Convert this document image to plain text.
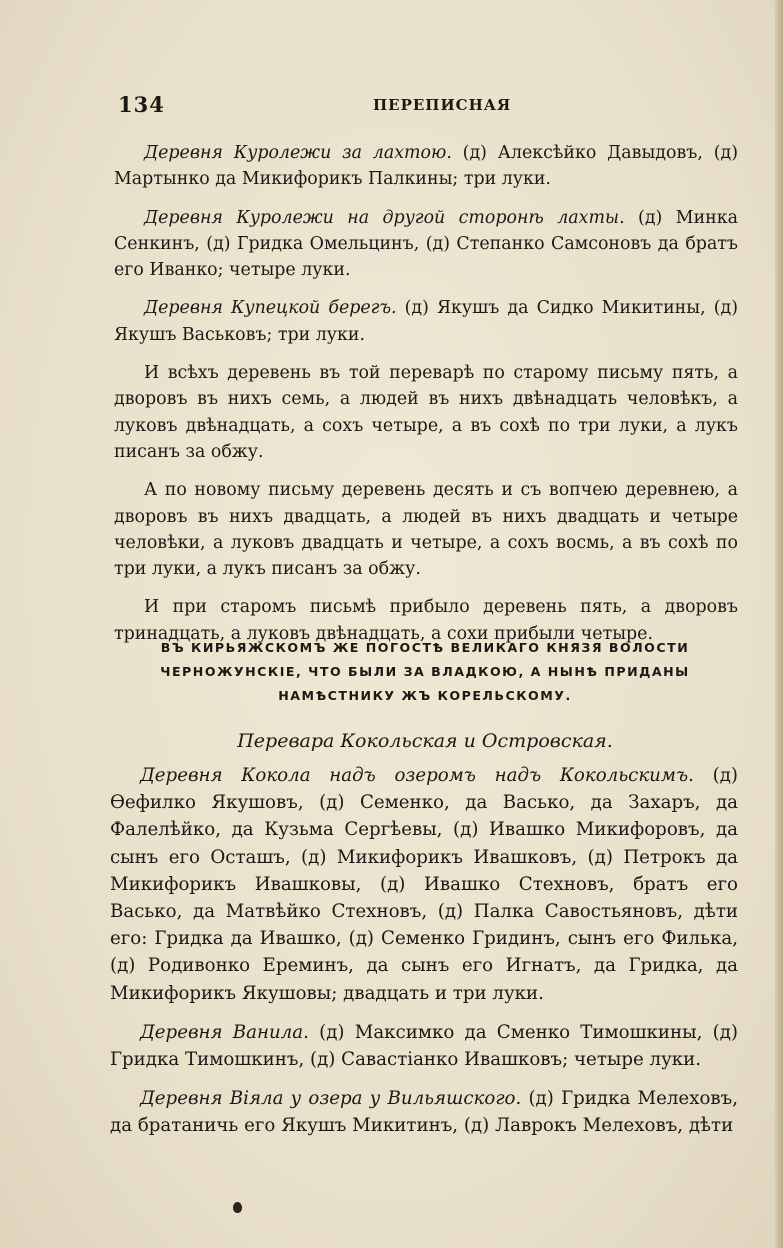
134	ПЕРЕПИСНАЯ

Деревня Куролежи за лахтою. (д) Алексѣйко Давыдовъ, (д) Мартынко да Микифорикъ Палкины; три луки.

Деревня Куролежи на другой сторонѣ лахты. (д) Минка Сенкинъ, (д) Гридка Омельцинъ, (д) Степанко Самсоновъ да братъ его Иванко; четыре луки.

Деревня Купецкой берегъ. (д) Якушъ да Сидко Микитины, (д) Якушъ Васьковъ; три луки.

И всѣхъ деревень въ той переварѣ по старому письму пять, а дворовъ въ нихъ семь, а людей въ нихъ двѣнадцать человѣкъ, а луковъ двѣнадцать, а сохъ четыре, а въ сохѣ по три луки, а лукъ писанъ за обжу.

А по новому письму деревень десять и съ вопчею деревнею, а дворовъ въ нихъ двадцать, а людей въ нихъ двадцать и четыре человѣки, а луковъ двадцать и четыре, а сохъ восмь, а въ сохѣ по три луки, а лукъ писанъ за обжу.

И при старомъ письмѣ прибыло деревень пять, а дворовъ тринадцать, а луковъ двѣнадцать, а сохи прибыли четыре.

ВЪ КИРЬЯЖСКОМЪ ЖЕ ПОГОСТѢ ВЕЛИКАГО КНЯЗЯ ВОЛОСТИ ЧЕРНОЖУНСКІЕ, ЧТО БЫЛИ ЗА ВЛАДКОЮ, А НЫНѢ ПРИДАНЫ НАМѢСТНИКУ ЖЪ КОРЕЛЬСКОМУ.
Переварa Кокольская и Островская.

Деревня Кокола надъ озеромъ надъ Кокольскимъ. (д) Ѳефилко Якушовъ, (д) Семенко, да Васько, да Захаръ, да Фалелѣйко, да Кузьма Сергѣевы, (д) Ивашко Микифоровъ, да сынъ его Осташъ, (д) Микифорикъ Ивашковъ, (д) Петрокъ да Микифорикъ Ивашковы, (д) Ивашко Стехновъ, братъ его Васько, да Матвѣйко Стехновъ, (д) Палка Савостьяновъ, дѣти его: Гридка да Ивашко, (д) Семенко Гридинъ, сынъ его Филька, (д) Родивонко Ереминъ, да сынъ его Игнатъ, да Гридка, да Микифорикъ Якушовы; двадцать и три луки.

Деревня Ванила. (д) Максимко да Сменко Тимошкины, (д) Гридка Тимошкинъ, (д) Савастіанко Ивашковъ; четыре луки.

Деревня Віяла у озера у Вильяшского. (д) Гридка Мелеховъ, да братаничь его Якушъ Микитинъ, (д) Лаврокъ Мелеховъ, дѣти
